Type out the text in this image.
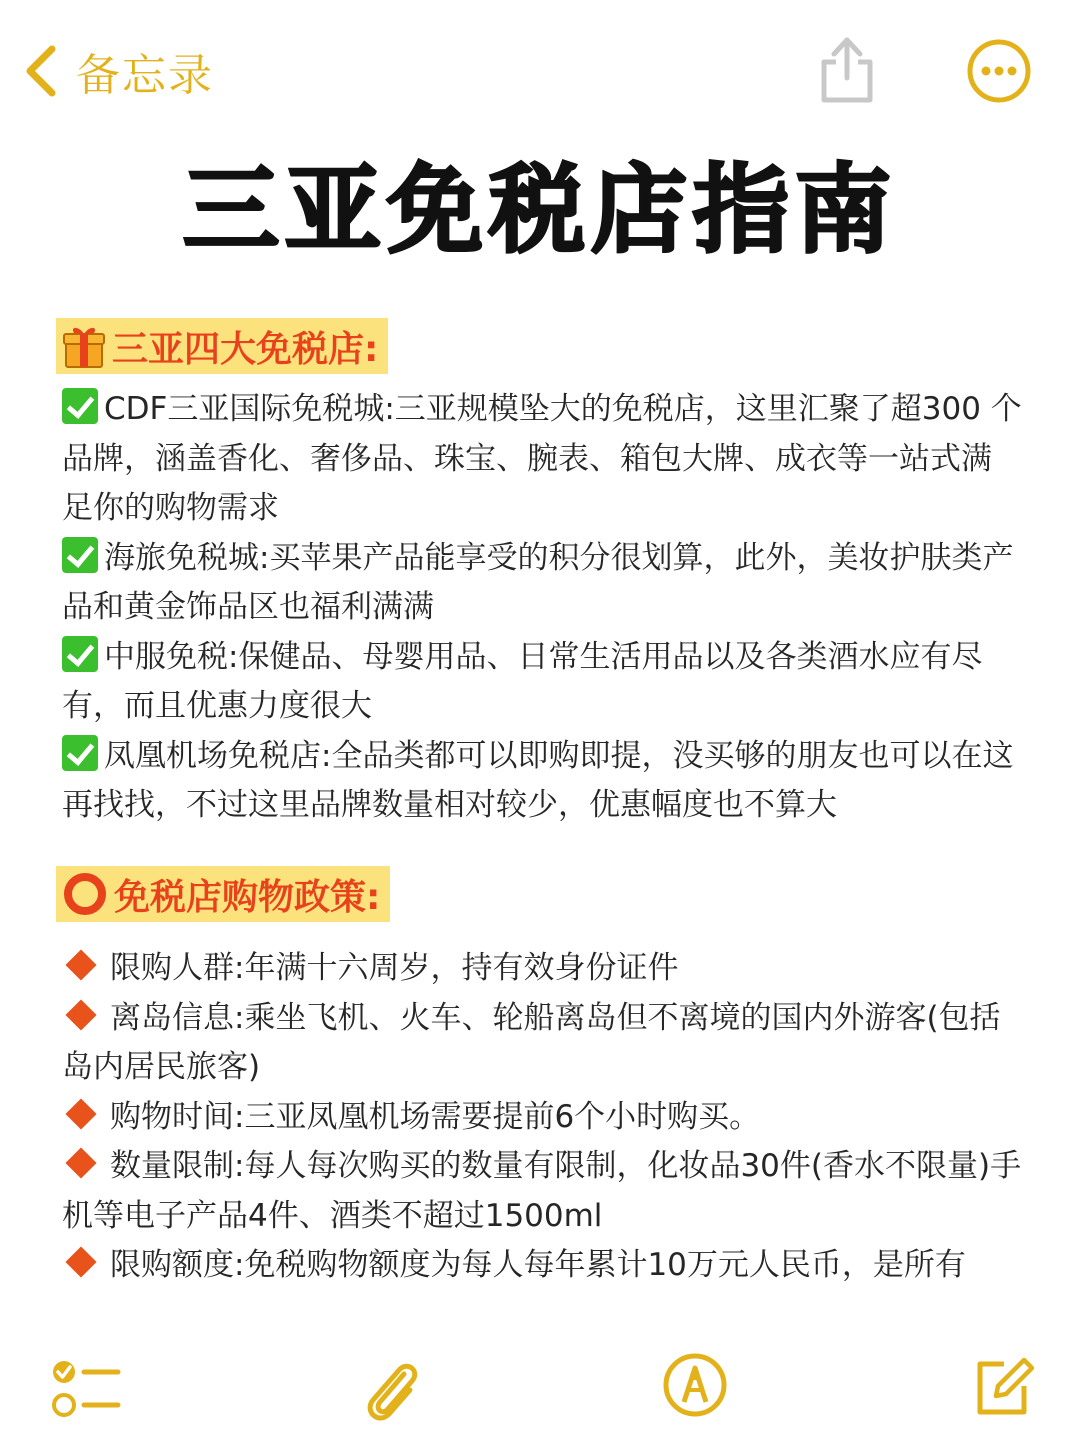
备忘录
三亚免税店指南
三亚四大免税店:

CDF三亚国际免税城:三亚规模坠大的免税店，这里汇聚了超300 个品牌，涵盖香化、奢侈品、珠宝、腕表、箱包大牌、成衣等一站式满足你的购物需求

海旅免税城:买苹果产品能享受的积分很划算，此外，美妆护肤类产品和黄金饰品区也福利满满

中服免税:保健品、母婴用品、日常生活用品以及各类酒水应有尽有，而且优惠力度很大

凤凰机场免税店:全品类都可以即购即提，没买够的朋友也可以在这再找找，不过这里品牌数量相对较少，优惠幅度也不算大

免税店购物政策:

限购人群:年满十六周岁，持有效身份证件

离岛信息:乘坐飞机、火车、轮船离岛但不离境的国内外游客(包括岛内居民旅客)

购物时间:三亚凤凰机场需要提前6个小时购买。

数量限制:每人每次购买的数量有限制，化妆品30件(香水不限量)手机等电子产品4件、酒类不超过1500ml

限购额度:免税购物额度为每人每年累计10万元人民币，是所有
